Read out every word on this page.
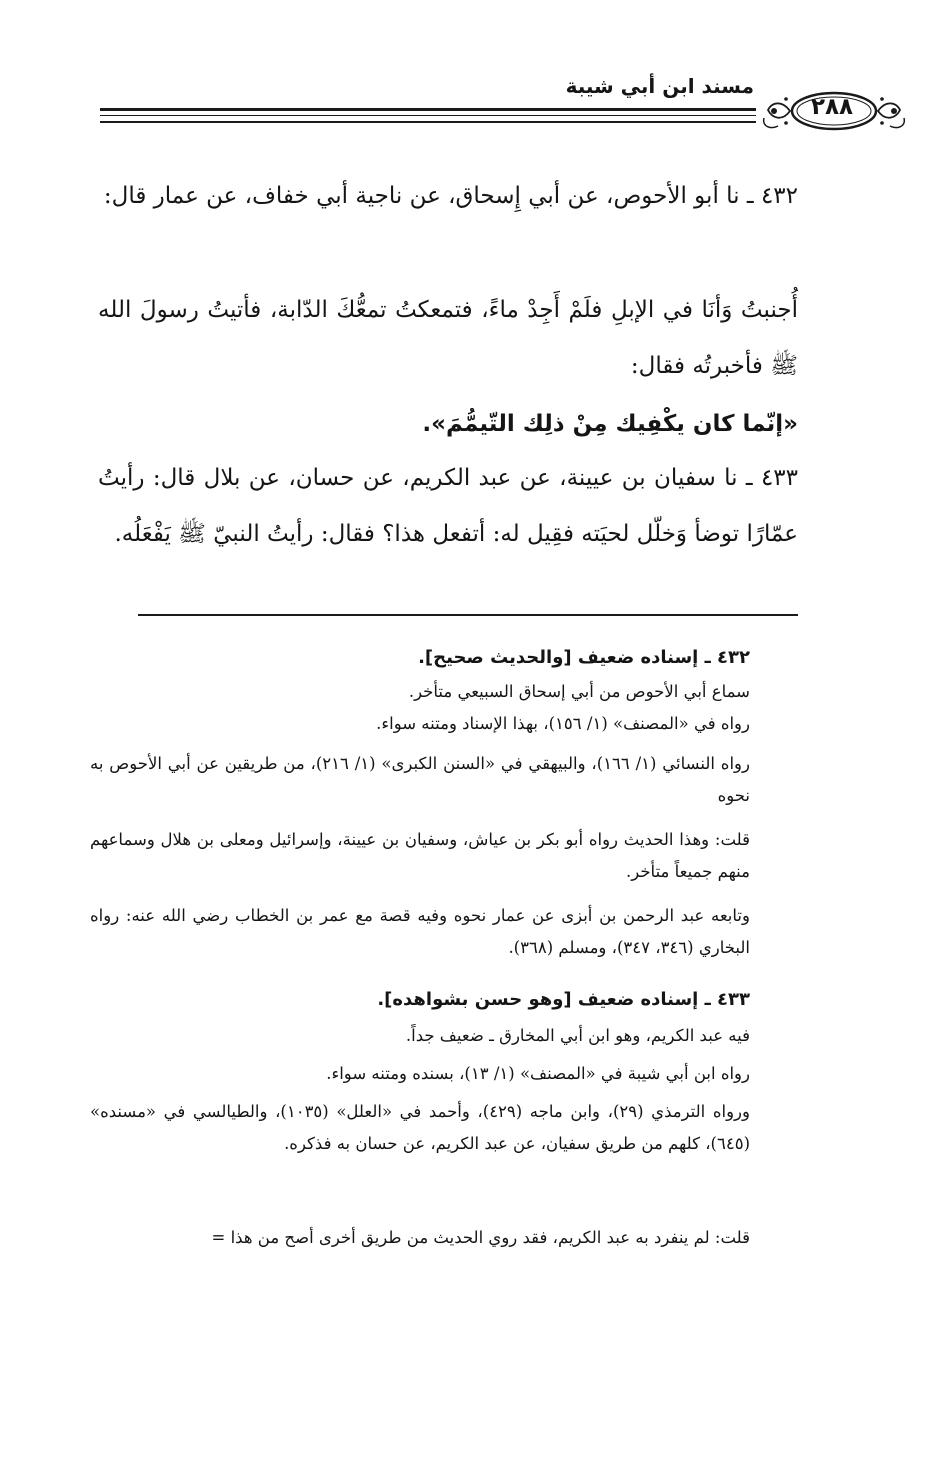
مسند ابن أبي شيبة
٢٨٨

٤٣٢ ـ نا أبو الأحوص، عن أبي إِسحاق، عن ناجية أبي خفاف، عن عمار قال:

أُجنبتُ وَأنَا في الإبلِ فلَمْ أَجِدْ ماءً، فتمعكتُ تمعُّكَ الدّابة، فأتيتُ رسولَ الله ﷺ فأخبرتُه فقال:

«إنّما كان يكْفِيك مِنْ ذلِك التّيمُّمَ».

٤٣٣ ـ نا سفيان بن عيينة، عن عبد الكريم، عن حسان، عن بلال قال: رأيتُ عمّارًا توضأ وَخلّل لحيَته فقِيل له: أتفعل هذا؟ فقال: رأيتُ النبيّ ﷺ يَفْعَلُه.

٤٣٢ ـ إسناده ضعيف [والحديث صحيح].

سماع أبي الأحوص من أبي إسحاق السبيعي متأخر.

رواه في «المصنف» (١/ ١٥٦)، بهذا الإسناد ومتنه سواء.

رواه النسائي (١/ ١٦٦)، والبيهقي في «السنن الكبرى» (١/ ٢١٦)، من طريقين عن أبي الأحوص به نحوه

قلت: وهذا الحديث رواه أبو بكر بن عياش، وسفيان بن عيينة، وإسرائيل ومعلى بن هلال وسماعهم منهم جميعاً متأخر.

وتابعه عبد الرحمن بن أبزى عن عمار نحوه وفيه قصة مع عمر بن الخطاب رضي الله عنه: رواه البخاري (٣٤٦، ٣٤٧)، ومسلم (٣٦٨).

٤٣٣ ـ إسناده ضعيف [وهو حسن بشواهده].

فيه عبد الكريم، وهو ابن أبي المخارق ـ ضعيف جداً.

رواه ابن أبي شيبة في «المصنف» (١/ ١٣)، بسنده ومتنه سواء.

ورواه الترمذي (٢٩)، وابن ماجه (٤٢٩)، وأحمد في «العلل» (١٠٣٥)، والطيالسي في «مسنده» (٦٤٥)، كلهم من طريق سفيان، عن عبد الكريم، عن حسان به فذكره.

قلت: لم ينفرد به عبد الكريم، فقد روي الحديث من طريق أخرى أصح من هذا =
